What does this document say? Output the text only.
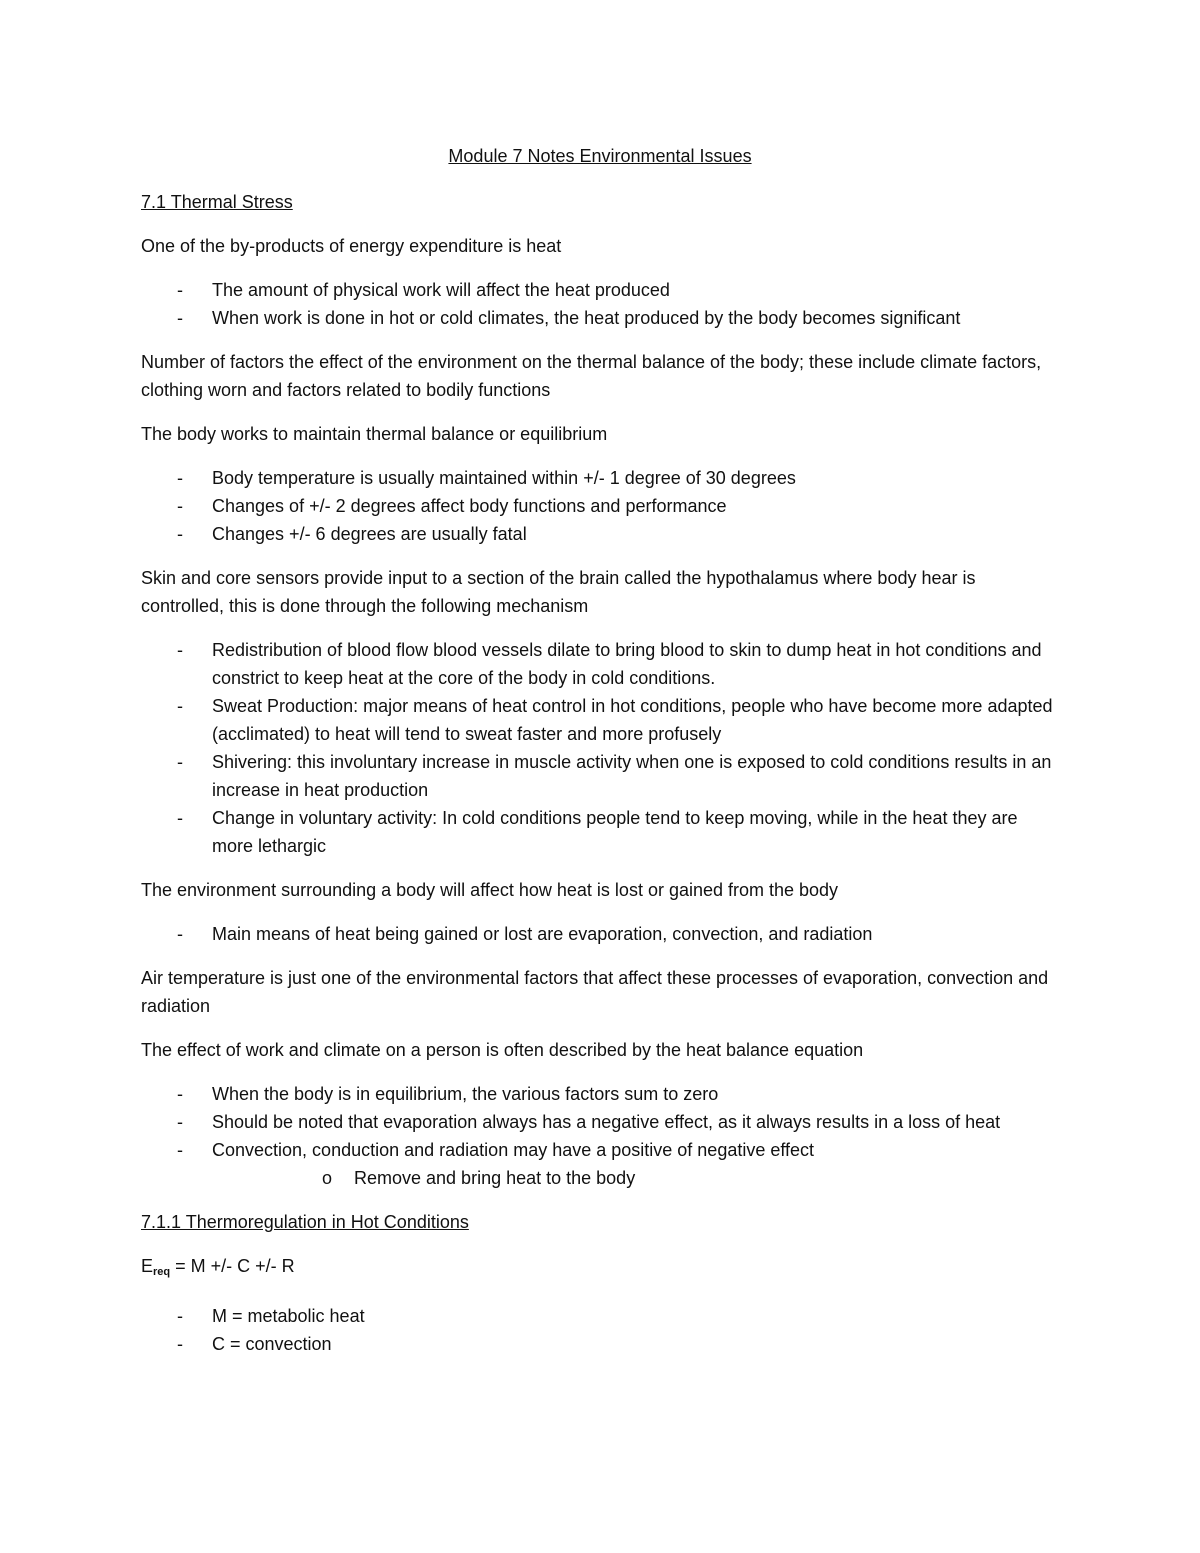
Module 7 Notes Environmental Issues
7.1 Thermal Stress

One of the by-products of energy expenditure is heat

- The amount of physical work will affect the heat produced
- When work is done in hot or cold climates, the heat produced by the body becomes significant

Number of factors the effect of the environment on the thermal balance of the body; these include climate factors, clothing worn and factors related to bodily functions

The body works to maintain thermal balance or equilibrium

- Body temperature is usually maintained within +/- 1 degree of 30 degrees
- Changes of +/- 2 degrees affect body functions and performance
- Changes +/- 6 degrees are usually fatal

Skin and core sensors provide input to a section of the brain called the hypothalamus where body hear is controlled, this is done through the following mechanism

- Redistribution of blood flow blood vessels dilate to bring blood to skin to dump heat in hot conditions and constrict to keep heat at the core of the body in cold conditions.
- Sweat Production: major means of heat control in hot conditions, people who have become more adapted (acclimated) to heat will tend to sweat faster and more profusely
- Shivering: this involuntary increase in muscle activity when one is exposed to cold conditions results in an increase in heat production
- Change in voluntary activity: In cold conditions people tend to keep moving, while in the heat they are more lethargic

The environment surrounding a body will affect how heat is lost or gained from the body

- Main means of heat being gained or lost are evaporation, convection, and radiation

Air temperature is just one of the environmental factors that affect these processes of evaporation, convection and radiation

The effect of work and climate on a person is often described by the heat balance equation

- When the body is in equilibrium, the various factors sum to zero
- Should be noted that evaporation always has a negative effect, as it always results in a loss of heat
- Convection, conduction and radiation may have a positive of negative effect
o Remove and bring heat to the body
7.1.1 Thermoregulation in Hot Conditions

$E_{req} = M$ +/- C +/- R

- M = metabolic heat
- C = convection
